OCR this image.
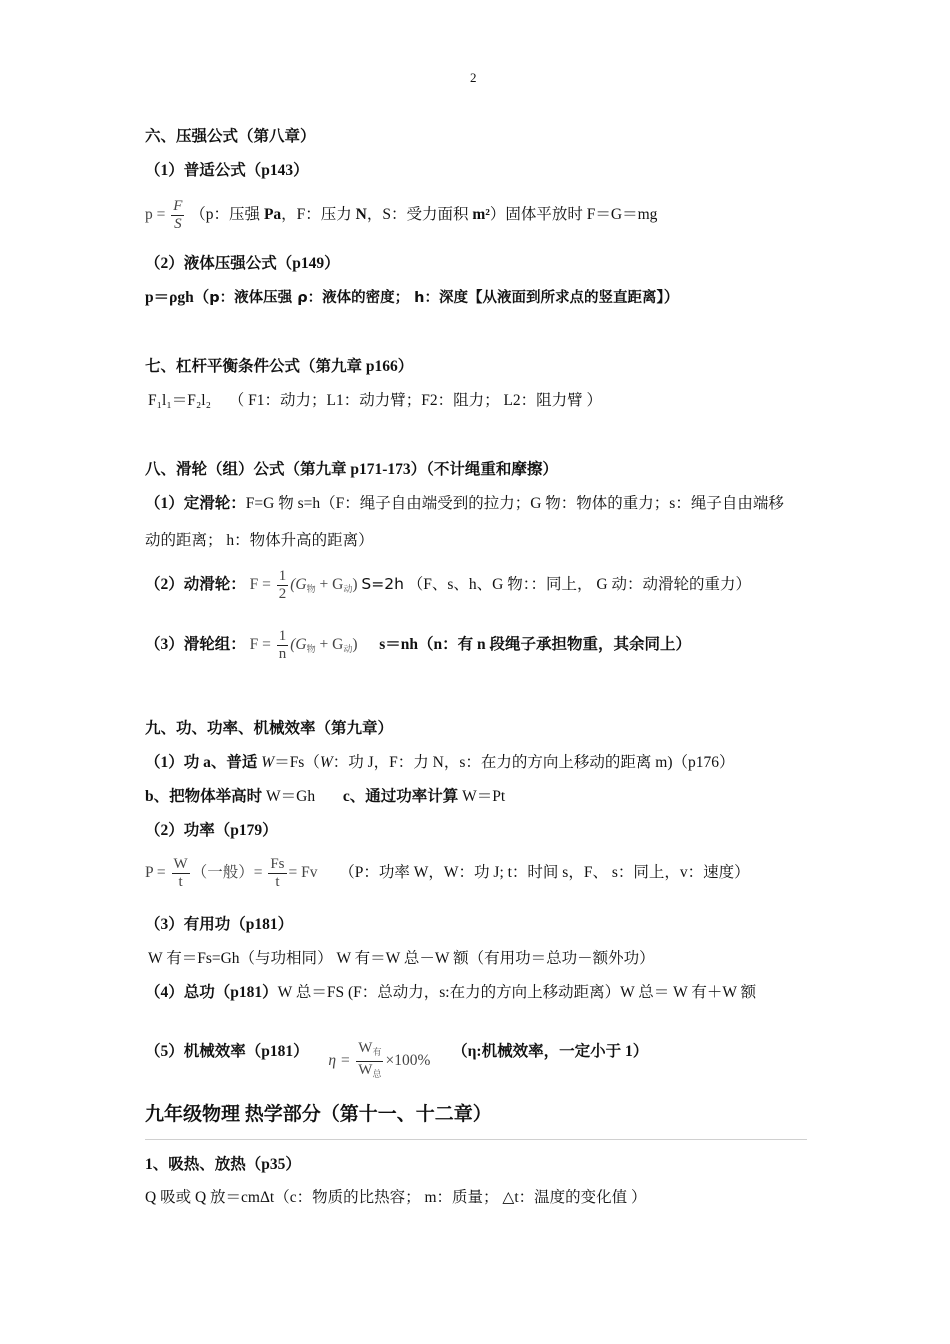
2
六、压强公式（第八章）
（1）普适公式（p143）
$p = \frac{F}{S} (p$：压强 Pa，F：压力 N，S：受力面积 m²）固体平放时 F＝G＝mg
（2）液体压强公式（p149）
p＝ρgh（p：液体压强 ρ：液体的密度； h：深度【从液面到所求点的竖直距离】）
七、杠杆平衡条件公式（第九章 p166）
F₁l₁＝F₂l₂ （ F1：动力；L1：动力臂；F2：阻力； L2：阻力臂 ）
八、滑轮（组）公式（第九章 p171-173）（不计绳重和摩擦）
（1）定滑轮：F=G 物 s=h（F：绳子自由端受到的拉力；G 物：物体的重力；s：绳子自由端移
动的距离； h：物体升高的距离）
（2）动滑轮： $F = \frac{1}{2} (G_物 + G_动)$ S=2h （F、s、h、G 物：：同上， G 动：动滑轮的重力）
（3）滑轮组： $F = \frac{1}{n} (G_物 + G_动)$ s＝nh（n：有 n 段绳子承担物重，其余同上）
九、功、功率、机械效率（第九章）
（1）功 a、普适 W＝Fs（W：功 J，F：力 N，s：在力的方向上移动的距离 m)（p176）
b、把物体举高时 W＝Gh c、通过功率计算 W＝Pt
（2）功率（p179）
$P = \frac{W}{t}$ （一般）= $\frac{Fs}{t} = Fv$ （P：功率 W，W：功 J; t：时间 s，F、 s：同上，v：速度）
（3）有用功（p181）
W 有＝Fs=Gh（与功相同） W 有＝W 总－W 额（有用功＝总功－额外功）
（4）总功（p181）W 总＝FS (F：总动力，s:在力的方向上移动距离）W 总＝ W 有＋W 额
（5）机械效率（p181）  $\eta = \frac{W_有}{W_总} \times 100\%$  （η:机械效率，一定小于 1）
九年级物理 热学部分（第十一、十二章）
1、吸热、放热（p35）
Q 吸或 Q 放＝cmΔt（c：物质的比热容； m：质量； △t：温度的变化值 ）
